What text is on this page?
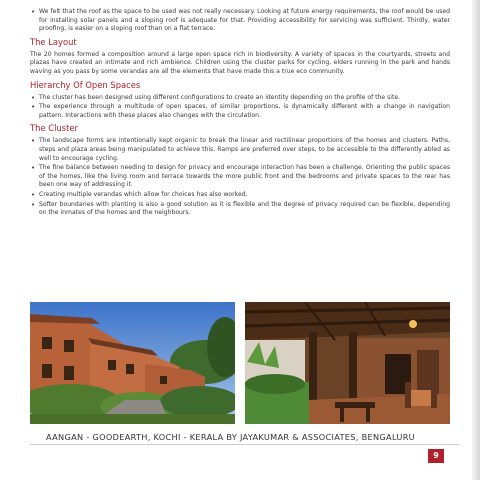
• We felt that the roof as the space to be used was not really necessary. Looking at future energy requirements, the roof would be used for installing solar panels and a sloping roof is adequate for that. Providing accessibility for servicing was sufficient. Thirdly, water proofing, is easier on a sloping roof than on a flat terrace.
The Layout

The 20 homes formed a composition around a large open space rich in biodiversity. A variety of spaces in the courtyards, streets and plazas have created an intimate and rich ambience. Children using the cluster parks for cycling, elders running in the park and hands waving as you pass by some verandas are all the elements that have made this a true eco community.

Hierarchy Of Open Spaces
• The cluster has been designed using different configurations to create an identity depending on the profile of the site.
• The experience through a multitude of open spaces, of similar proportions, is dynamically different with a change in navigation pattern. Interactions with these places also changes with the circulation.
The Cluster
• The landscape forms are intentionally kept organic to break the linear and rectilinear proportions of the homes and clusters. Paths, steps and plaza areas being manipulated to achieve this. Ramps are preferred over steps, to be accessible to the differently abled as well to encourage cycling.
• The fine balance between needing to design for privacy and encourage interaction has been a challenge. Orienting the public spaces of the homes, like the living room and terrace towards the more public front and the bedrooms and private spaces to the rear has been one way of addressing it.
• Creating multiple verandas which allow for choices has also worked.
• Softer boundaries with planting is also a good solution as it is flexible and the degree of privacy required can be flexible, depending on the inmates of the homes and the neighbours.
AANGAN - GOODEARTH, KOCHI - KERALA BY JAYAKUMAR & ASSOCIATES, BENGALURU
9
